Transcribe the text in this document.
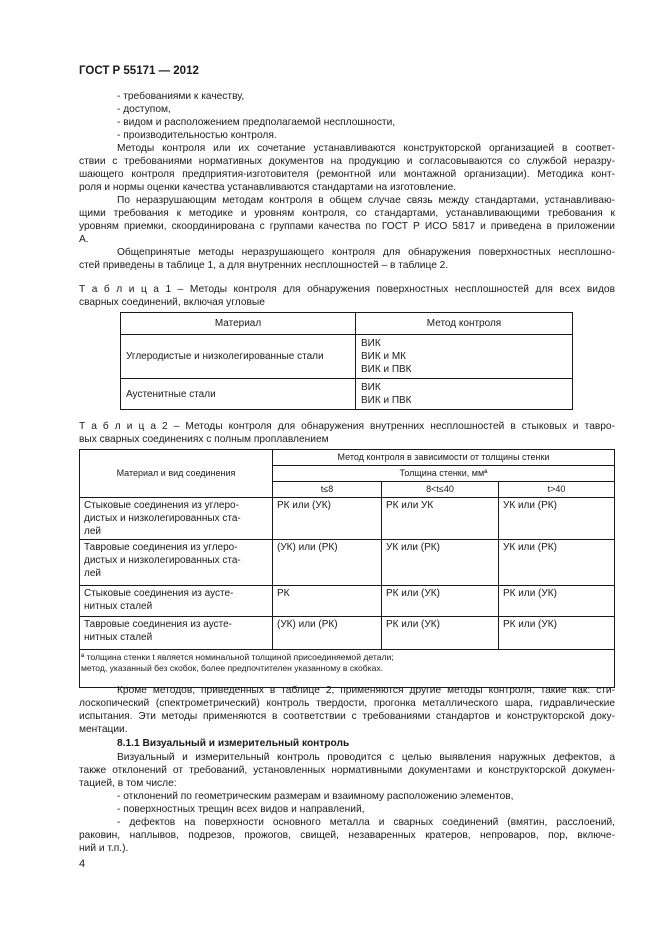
ГОСТ Р 55171 — 2012
- требованиями к качеству,
- доступом,
- видом и расположением предполагаемой несплошности,
- производительностью контроля.
Методы контроля или их сочетание устанавливаются конструкторской организацией в соответ-
ствии с требованиями нормативных документов на продукцию и согласовываются со службой неразру-
шающего контроля предприятия-изготовителя (ремонтной или монтажной организации). Методика конт-
роля и нормы оценки качества устанавливаются стандартами на изготовление.
По неразрушающим методам контроля в общем случае связь между стандартами, устанавливаю-
щими требования к методике и уровням контроля, со стандартами, устанавливающими требования к
уровням приемки, скоординирована с группами качества по ГОСТ Р ИСО 5817 и приведена в приложении
А.
Общепринятые методы неразрушающего контроля для обнаружения поверхностных несплошно-
стей приведены в таблице 1, а для внутренних несплошностей – в таблице 2.
Т а б л и ц а 1 – Методы контроля для обнаружения поверхностных несплошностей для всех видов
сварных соединений, включая угловые
Материал	Метод контроля
Углеродистые и низколегированные стали	ВИК
ВИК и МК
ВИК и ПВК

Аустенитные стали	ВИК
ВИК и ПВК
Т а б л и ц а 2 – Методы контроля для обнаружения внутренних несплошностей в стыковых и тавро-
вых сварных соединениях с полным проплавлением
Материал и вид соединения	Метод контроля в зависимости от толщины стенки		
	Толщина стенки, ммª		
	t≤8	8<t≤40	t>40

Стыковые соединения из углеро-
дистых и низколегированных ста-
лей	РК или (УК)	РК или УК	УК или (РК)

Тавровые соединения из углеро-
дистых и низколегированных ста-
лей	(УК) или (РК)	УК или (РК)	УК или (РК)

Стыковые соединения из аусте-
нитных сталей	РК	РК или (УК)	РК или (УК)

Тавровые соединения из аусте-
нитных сталей	(УК) или (РК)	РК или (УК)	РК или (УК)

ª толщина стенки t является номинальной толщиной присоединяемой детали;
метод, указанный без скобок, более предпочтителен указанному в скобках.			
Кроме методов, приведенных в таблице 2, применяются другие методы контроля, такие как: сти-
лоскопический (спектрометрический) контроль твердости, прогонка металлического шара, гидравлические
испытания. Эти методы применяются в соответствии с требованиями стандартов и конструкторской доку-
ментации.
8.1.1 Визуальный и измерительный контроль
Визуальный и измерительный контроль проводится с целью выявления наружных дефектов, а
также отклонений от требований, установленных нормативными документами и конструкторской докумен-
тацией, в том числе:
- отклонений по геометрическим размерам и взаимному расположению элементов,
- поверхностных трещин всех видов и направлений,
- дефектов на поверхности основного металла и сварных соединений (вмятин, расслоений,
раковин, наплывов, подрезов, прожогов, свищей, незаваренных кратеров, непроваров, пор, включе-
ний и т.п.).
4
